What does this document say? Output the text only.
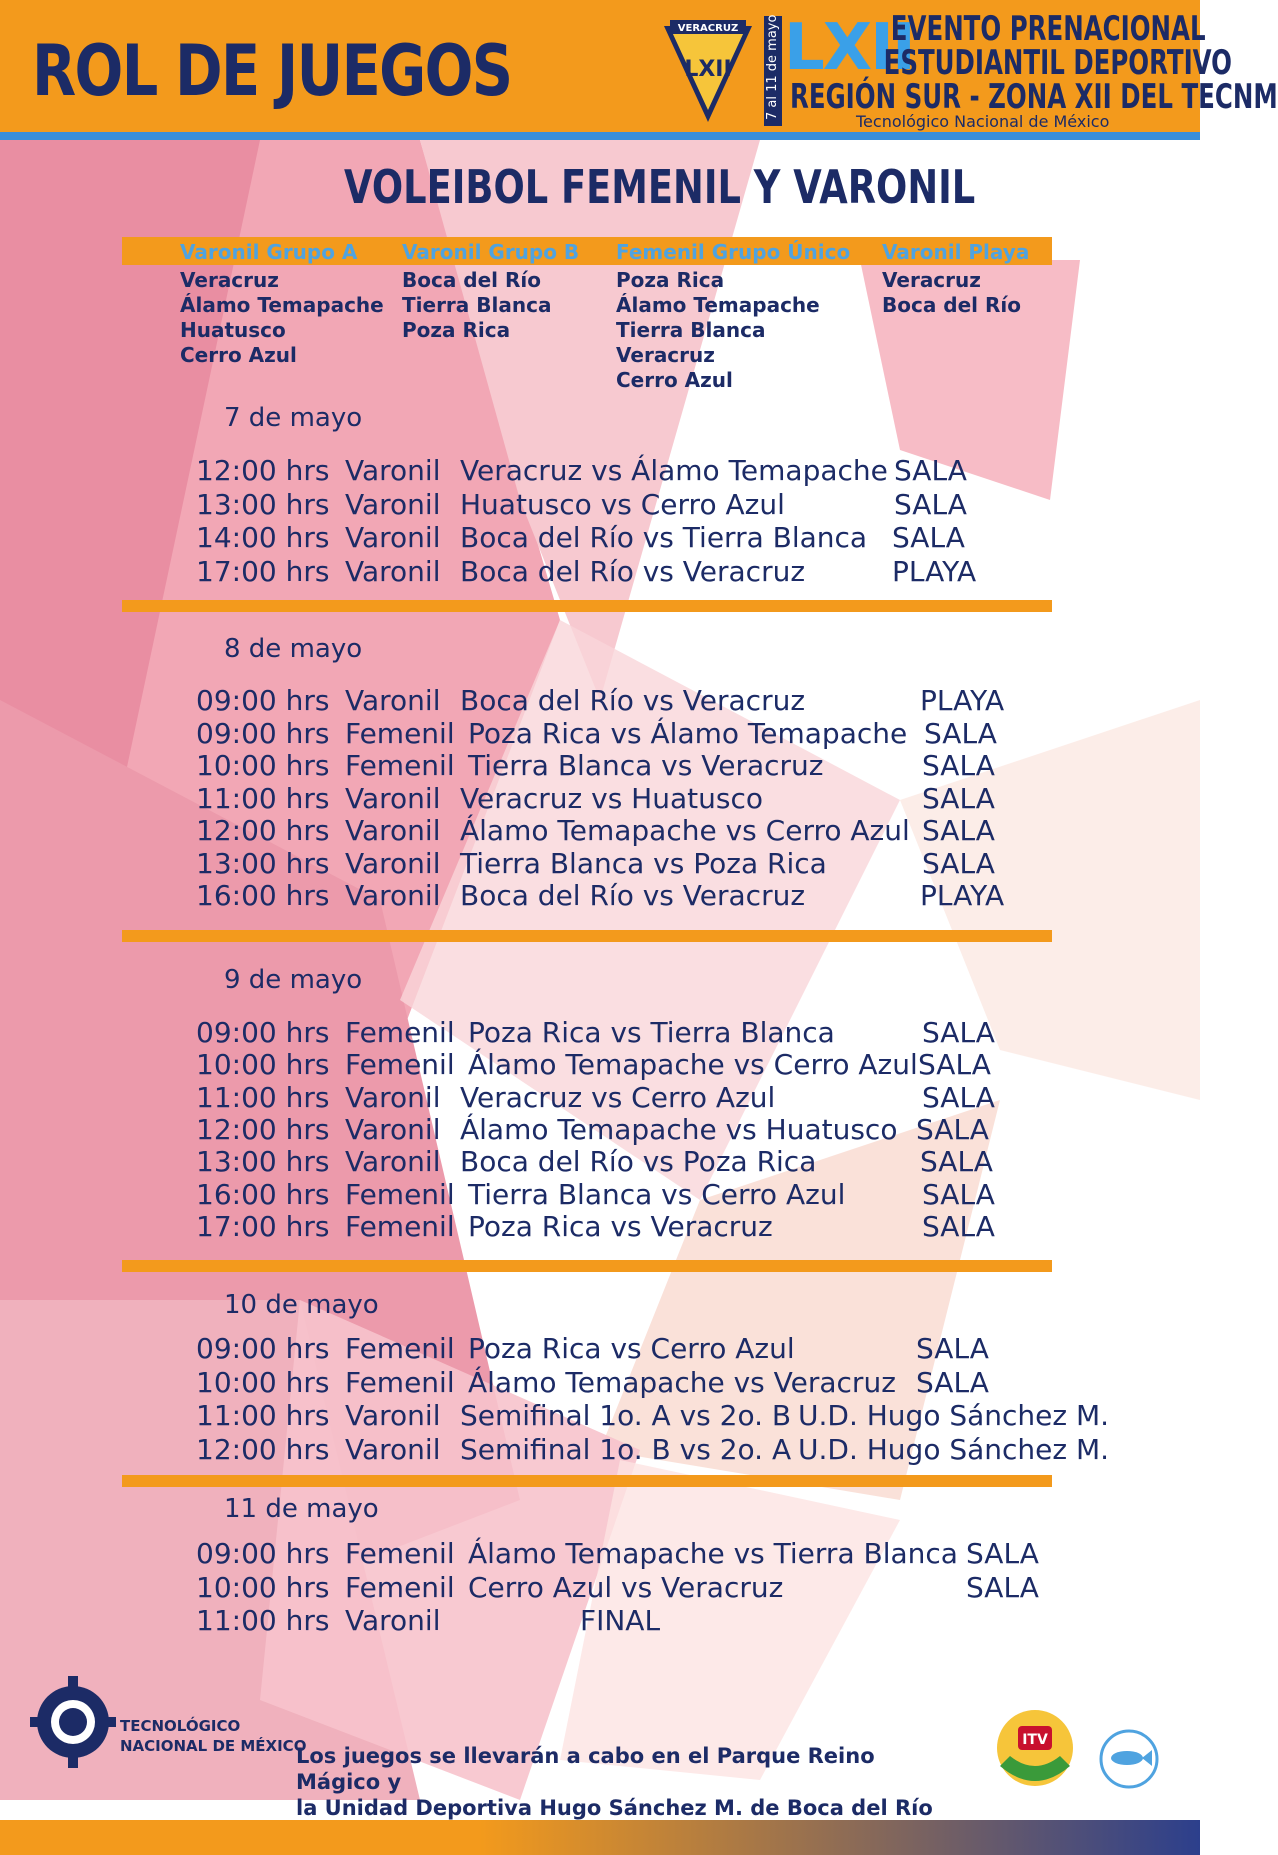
ROL DE JUEGOS
VERACRUZ
LXII	7 al 11 de mayo LXII
EVENTO PRENACIONAL
ESTUDIANTIL DEPORTIVO
REGIÓN SUR - ZONA XII DEL TECNM
Tecnológico Nacional de México
VOLEIBOL FEMENIL Y VARONIL
Varonil Grupo A
Veracruz
Álamo Temapache
Huatusco
Cerro Azul
Varonil Grupo B
Boca del Río
Tierra Blanca
Poza Rica
Femenil Grupo Único
Poza Rica
Álamo Temapache
Tierra Blanca
Veracruz
Cerro Azul
Varonil Playa
Veracruz
Boca del Río
7 de mayo
12:00 hrs Varonil Veracruz vs Álamo Temapache SALA
13:00 hrs Varonil Huatusco vs Cerro Azul	SALA
14:00 hrs Varonil Boca del Río vs Tierra Blanca SALA
17:00 hrs Varonil Boca del Río vs Veracruz	PLAYA
8 de mayo
09:00 hrs Varonil Boca del Río vs Veracruz	PLAYA
09:00 hrs Femenil Poza Rica vs Álamo Temapache SALA
10:00 hrs Femenil Tierra Blanca vs Veracruz	SALA
11:00 hrs Varonil Veracruz vs Huatusco	SALA
12:00 hrs Varonil Álamo Temapache vs Cerro Azul SALA
13:00 hrs Varonil Tierra Blanca vs Poza Rica	SALA
16:00 hrs Varonil Boca del Río vs Veracruz	PLAYA
9 de mayo
09:00 hrs Femenil Poza Rica vs Tierra Blanca	SALA
10:00 hrs Femenil Álamo Temapache vs Cerro Azul SALA
11:00 hrs Varonil Veracruz vs Cerro Azul	SALA
12:00 hrs Varonil Álamo Temapache vs Huatusco SALA
13:00 hrs Varonil Boca del Río vs Poza Rica	SALA
16:00 hrs Femenil Tierra Blanca vs Cerro Azul	SALA
17:00 hrs Femenil Poza Rica vs Veracruz	SALA
10 de mayo
09:00 hrs Femenil Poza Rica vs Cerro Azul	SALA
10:00 hrs Femenil Álamo Temapache vs Veracruz SALA
11:00 hrs Varonil Semifinal 1o. A vs 2o. B U.D. Hugo Sánchez M.
12:00 hrs Varonil Semifinal 1o. B vs 2o. A U.D. Hugo Sánchez M.
11 de mayo
09:00 hrs Femenil Álamo Temapache vs Tierra Blanca SALA
10:00 hrs Femenil Cerro Azul vs Veracruz	SALA
11:00 hrs Varonil	FINAL
TECNOLÓGICO
NACIONAL DE MÉXICO
Los juegos se llevarán a cabo en el Parque Reino Mágico y
la Unidad Deportiva Hugo Sánchez M. de Boca del Río
ITV
